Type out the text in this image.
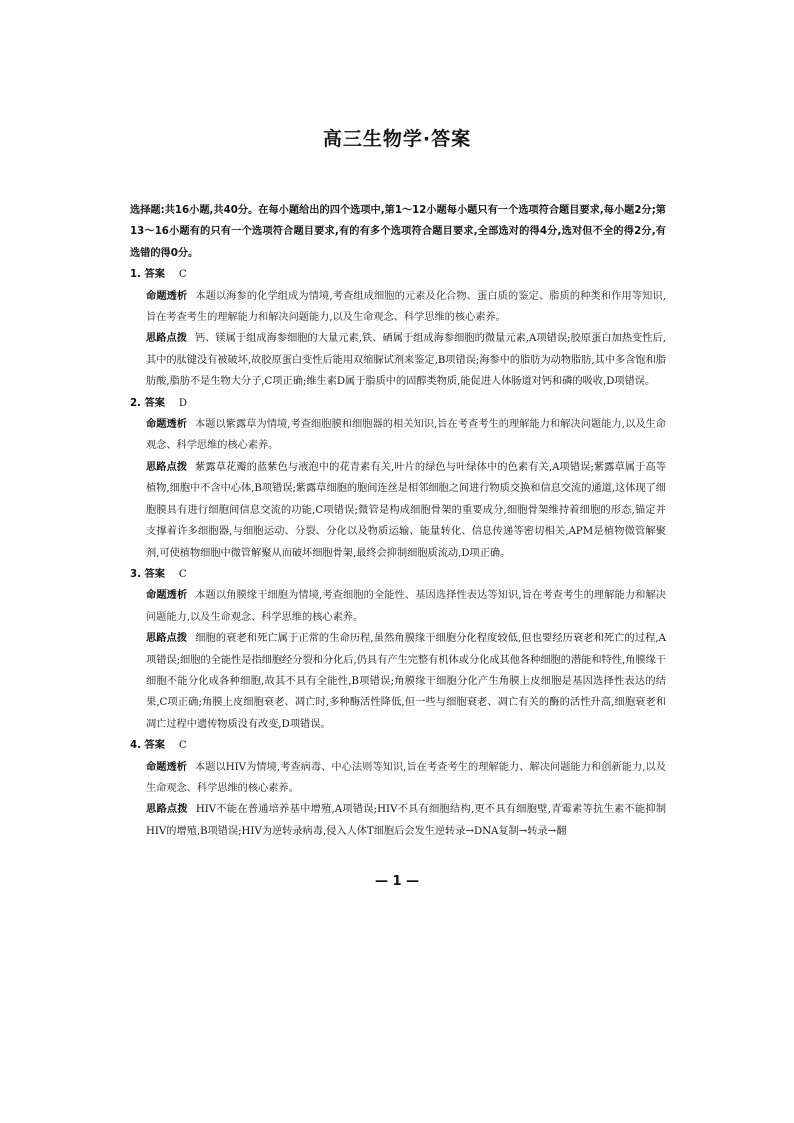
高三生物学·答案
选择题:共16小题,共40分。在每小题给出的四个选项中,第1～12小题每小题只有一个选项符合题目要求,每小题2分;第13～16小题有的只有一个选项符合题目要求,有的有多个选项符合题目要求,全部选对的得4分,选对但不全的得2分,有选错的得0分。
1. 答案 C
命题透析 本题以海参的化学组成为情境,考查组成细胞的元素及化合物、蛋白质的鉴定、脂质的种类和作用等知识,旨在考查考生的理解能力和解决问题能力,以及生命观念、科学思维的核心素养。
思路点拨 钙、镁属于组成海参细胞的大量元素,铁、硒属于组成海参细胞的微量元素,A项错误;胶原蛋白加热变性后,其中的肽键没有被破坏,故胶原蛋白变性后能用双缩脲试剂来鉴定,B项错误;海参中的脂肪为动物脂肪,其中多含饱和脂肪酸,脂肪不是生物大分子,C项正确;维生素D属于脂质中的固醇类物质,能促进人体肠道对钙和磷的吸收,D项错误。
2. 答案 D
命题透析 本题以紫露草为情境,考查细胞膜和细胞器的相关知识,旨在考查考生的理解能力和解决问题能力,以及生命观念、科学思维的核心素养。
思路点拨 紫露草花瓣的蓝紫色与液泡中的花青素有关,叶片的绿色与叶绿体中的色素有关,A项错误;紫露草属于高等植物,细胞中不含中心体,B项错误;紫露草细胞的胞间连丝是相邻细胞之间进行物质交换和信息交流的通道,这体现了细胞膜具有进行细胞间信息交流的功能,C项错误;微管是构成细胞骨架的重要成分,细胞骨架维持着细胞的形态,锚定并支撑着许多细胞器,与细胞运动、分裂、分化以及物质运输、能量转化、信息传递等密切相关,APM是植物微管解聚剂,可使植物细胞中微管解聚从而破坏细胞骨架,最终会抑制细胞质流动,D项正确。
3. 答案 C
命题透析 本题以角膜缘干细胞为情境,考查细胞的全能性、基因选择性表达等知识,旨在考查考生的理解能力和解决问题能力,以及生命观念、科学思维的核心素养。
思路点拨 细胞的衰老和死亡属于正常的生命历程,虽然角膜缘干细胞分化程度较低,但也要经历衰老和死亡的过程,A项错误;细胞的全能性是指细胞经分裂和分化后,仍具有产生完整有机体或分化成其他各种细胞的潜能和特性,角膜缘干细胞不能分化成各种细胞,故其不具有全能性,B项错误;角膜缘干细胞分化产生角膜上皮细胞是基因选择性表达的结果,C项正确;角膜上皮细胞衰老、凋亡时,多种酶活性降低,但一些与细胞衰老、凋亡有关的酶的活性升高,细胞衰老和凋亡过程中遗传物质没有改变,D项错误。
4. 答案 C
命题透析 本题以HIV为情境,考查病毒、中心法则等知识,旨在考查考生的理解能力、解决问题能力和创新能力,以及生命观念、科学思维的核心素养。
思路点拨 HIV不能在普通培养基中增殖,A项错误;HIV不具有细胞结构,更不具有细胞壁,青霉素等抗生素不能抑制HIV的增殖,B项错误;HIV为逆转录病毒,侵入人体T细胞后会发生逆转录→DNA复制→转录→翻
— 1 —
